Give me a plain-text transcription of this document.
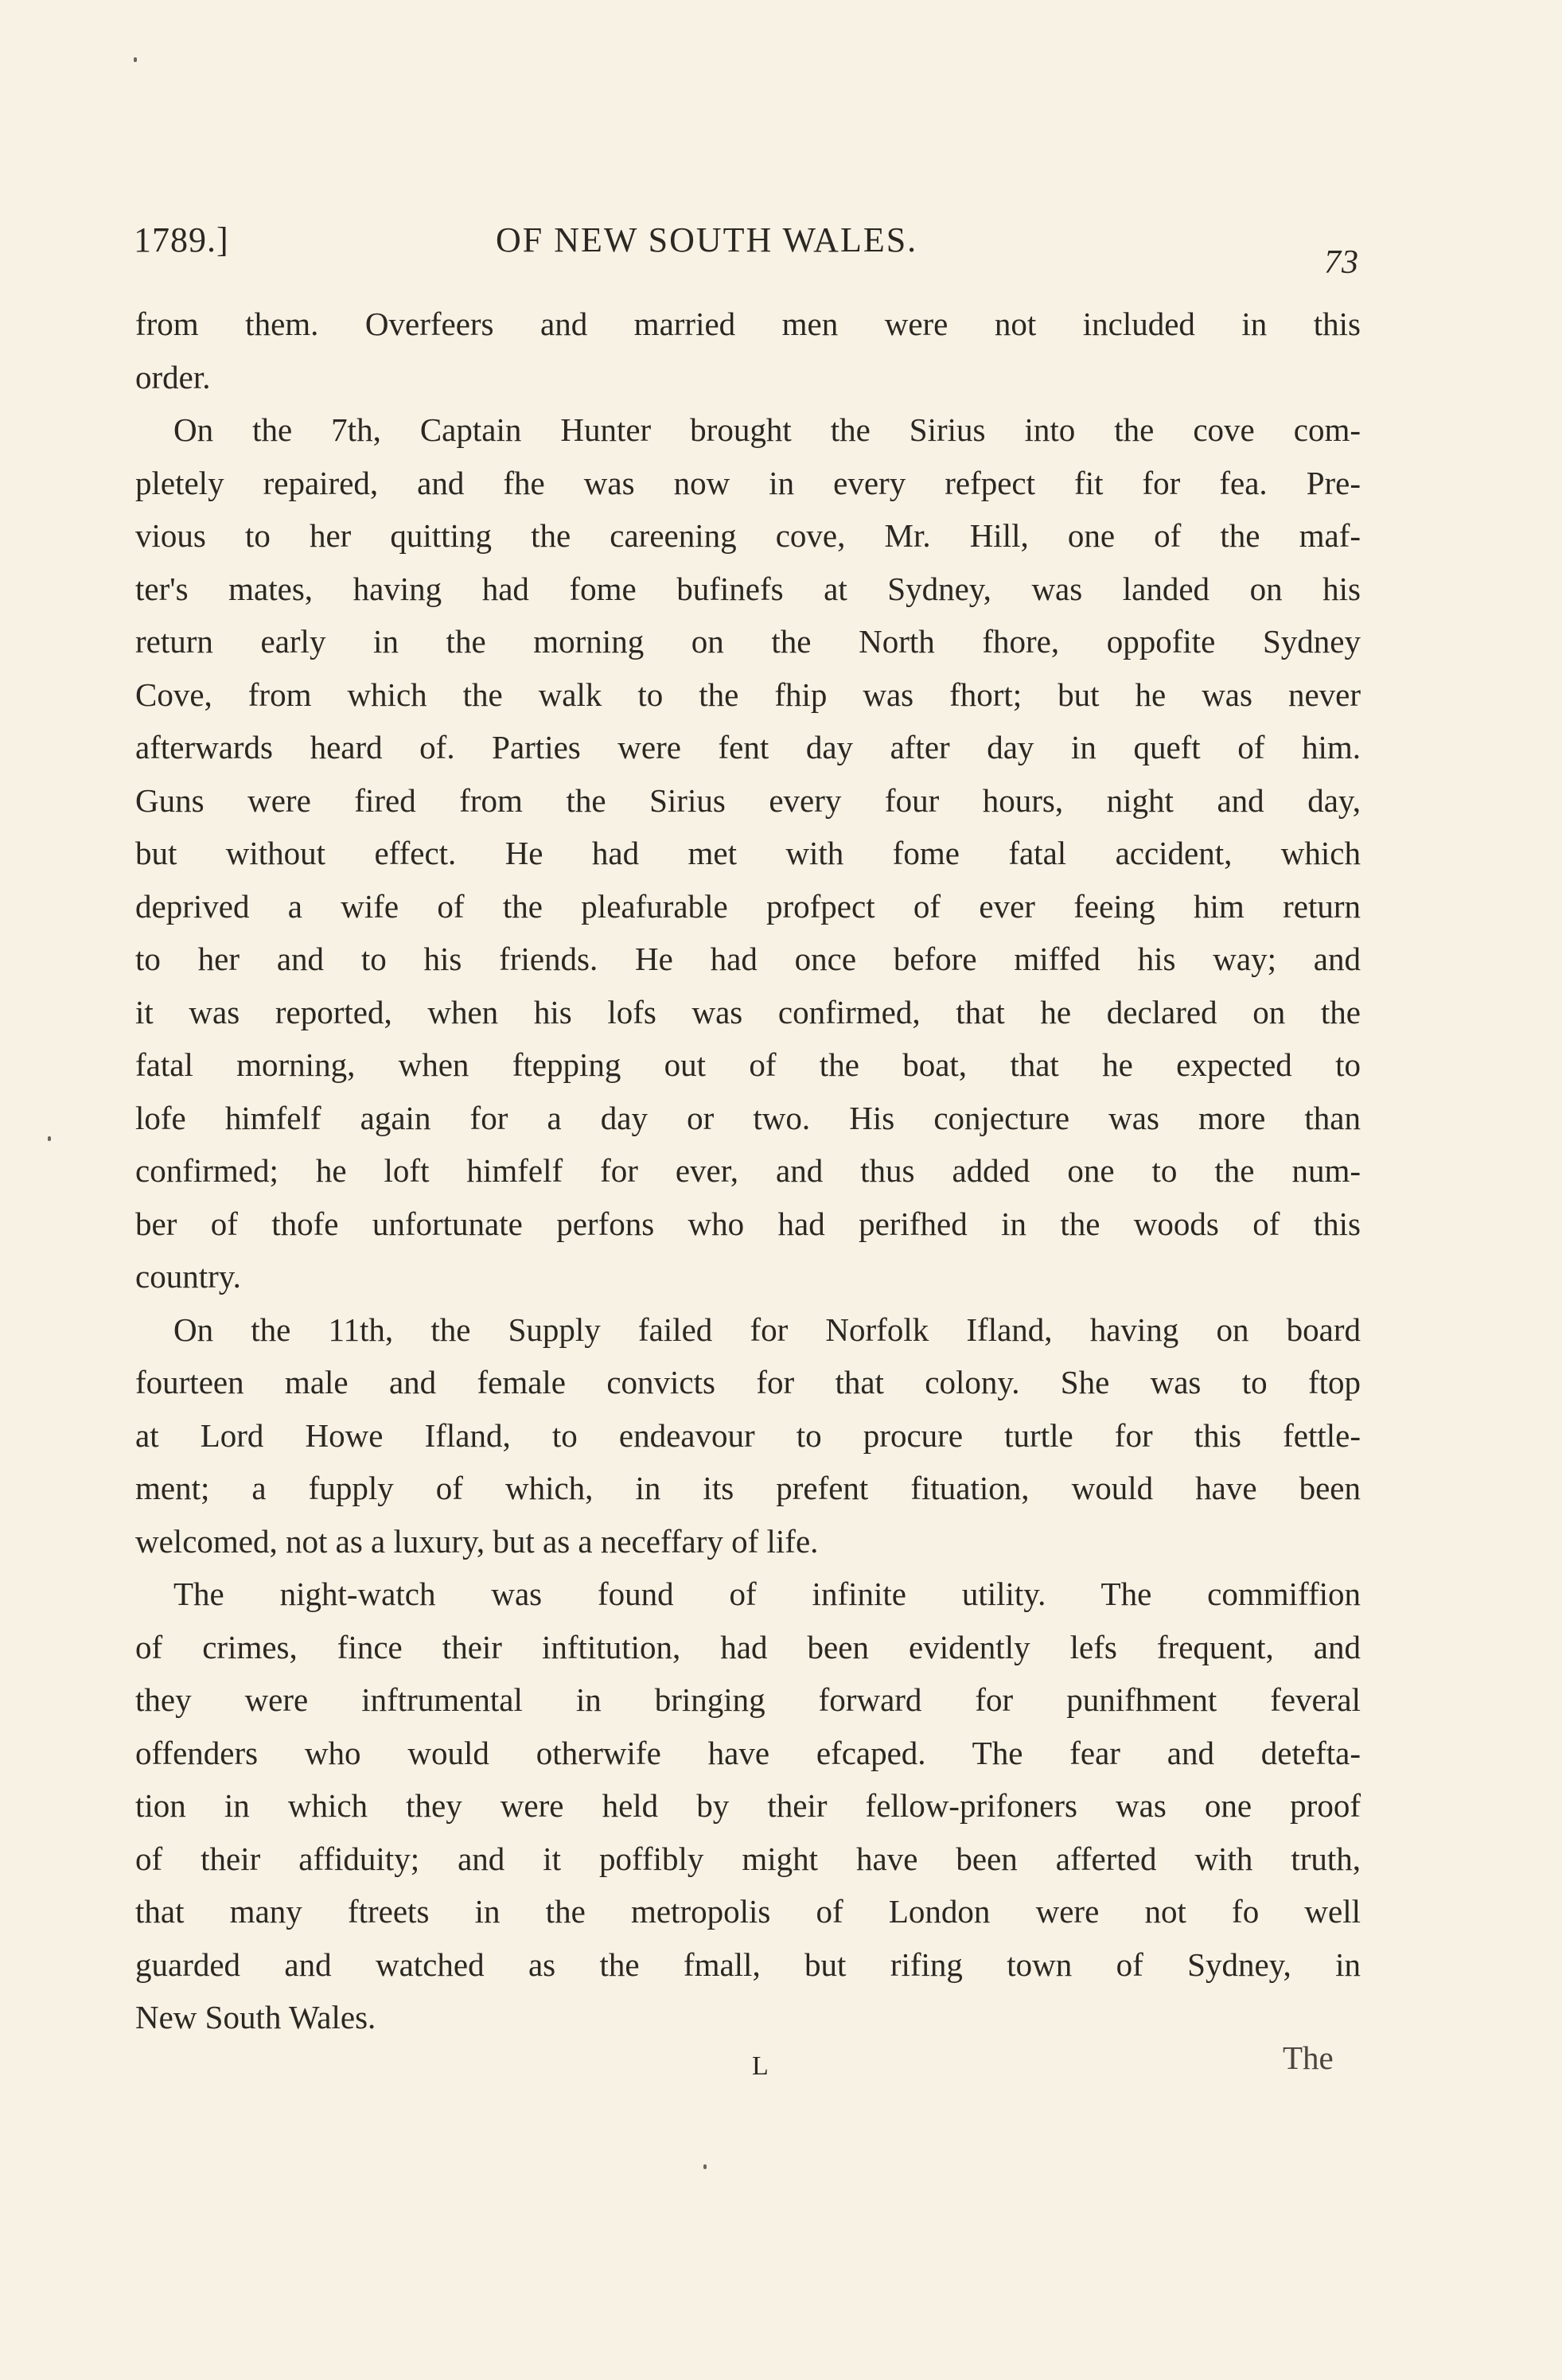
1789.]	OF NEW SOUTH WALES.
73
from them. Overfeers and married men were not included in this
order.
On the 7th, Captain Hunter brought the Sirius into the cove com-
pletely repaired, and fhe was now in every refpect fit for fea. Pre-
vious to her quitting the careening cove, Mr. Hill, one of the maf-
ter's mates, having had fome bufinefs at Sydney, was landed on his
return early in the morning on the North fhore, oppofite Sydney
Cove, from which the walk to the fhip was fhort; but he was never
afterwards heard of. Parties were fent day after day in queft of him.
Guns were fired from the Sirius every four hours, night and day,
but without effect. He had met with fome fatal accident, which
deprived a wife of the pleafurable profpect of ever feeing him return
to her and to his friends. He had once before miffed his way; and
it was reported, when his lofs was confirmed, that he declared on the
fatal morning, when ftepping out of the boat, that he expected to
lofe himfelf again for a day or two. His conjecture was more than
confirmed; he loft himfelf for ever, and thus added one to the num-
ber of thofe unfortunate perfons who had perifhed in the woods of this
country.
On the 11th, the Supply failed for Norfolk Ifland, having on board
fourteen male and female convicts for that colony. She was to ftop
at Lord Howe Ifland, to endeavour to procure turtle for this fettle-
ment; a fupply of which, in its prefent fituation, would have been
welcomed, not as a luxury, but as a neceffary of life.
The night-watch was found of infinite utility. The commiffion
of crimes, fince their inftitution, had been evidently lefs frequent, and
they were inftrumental in bringing forward for punifhment feveral
offenders who would otherwife have efcaped. The fear and detefta-
tion in which they were held by their fellow-prifoners was one proof
of their affiduity; and it poffibly might have been afferted with truth,
that many ftreets in the metropolis of London were not fo well
guarded and watched as the fmall, but rifing town of Sydney, in
New South Wales.
L	The
